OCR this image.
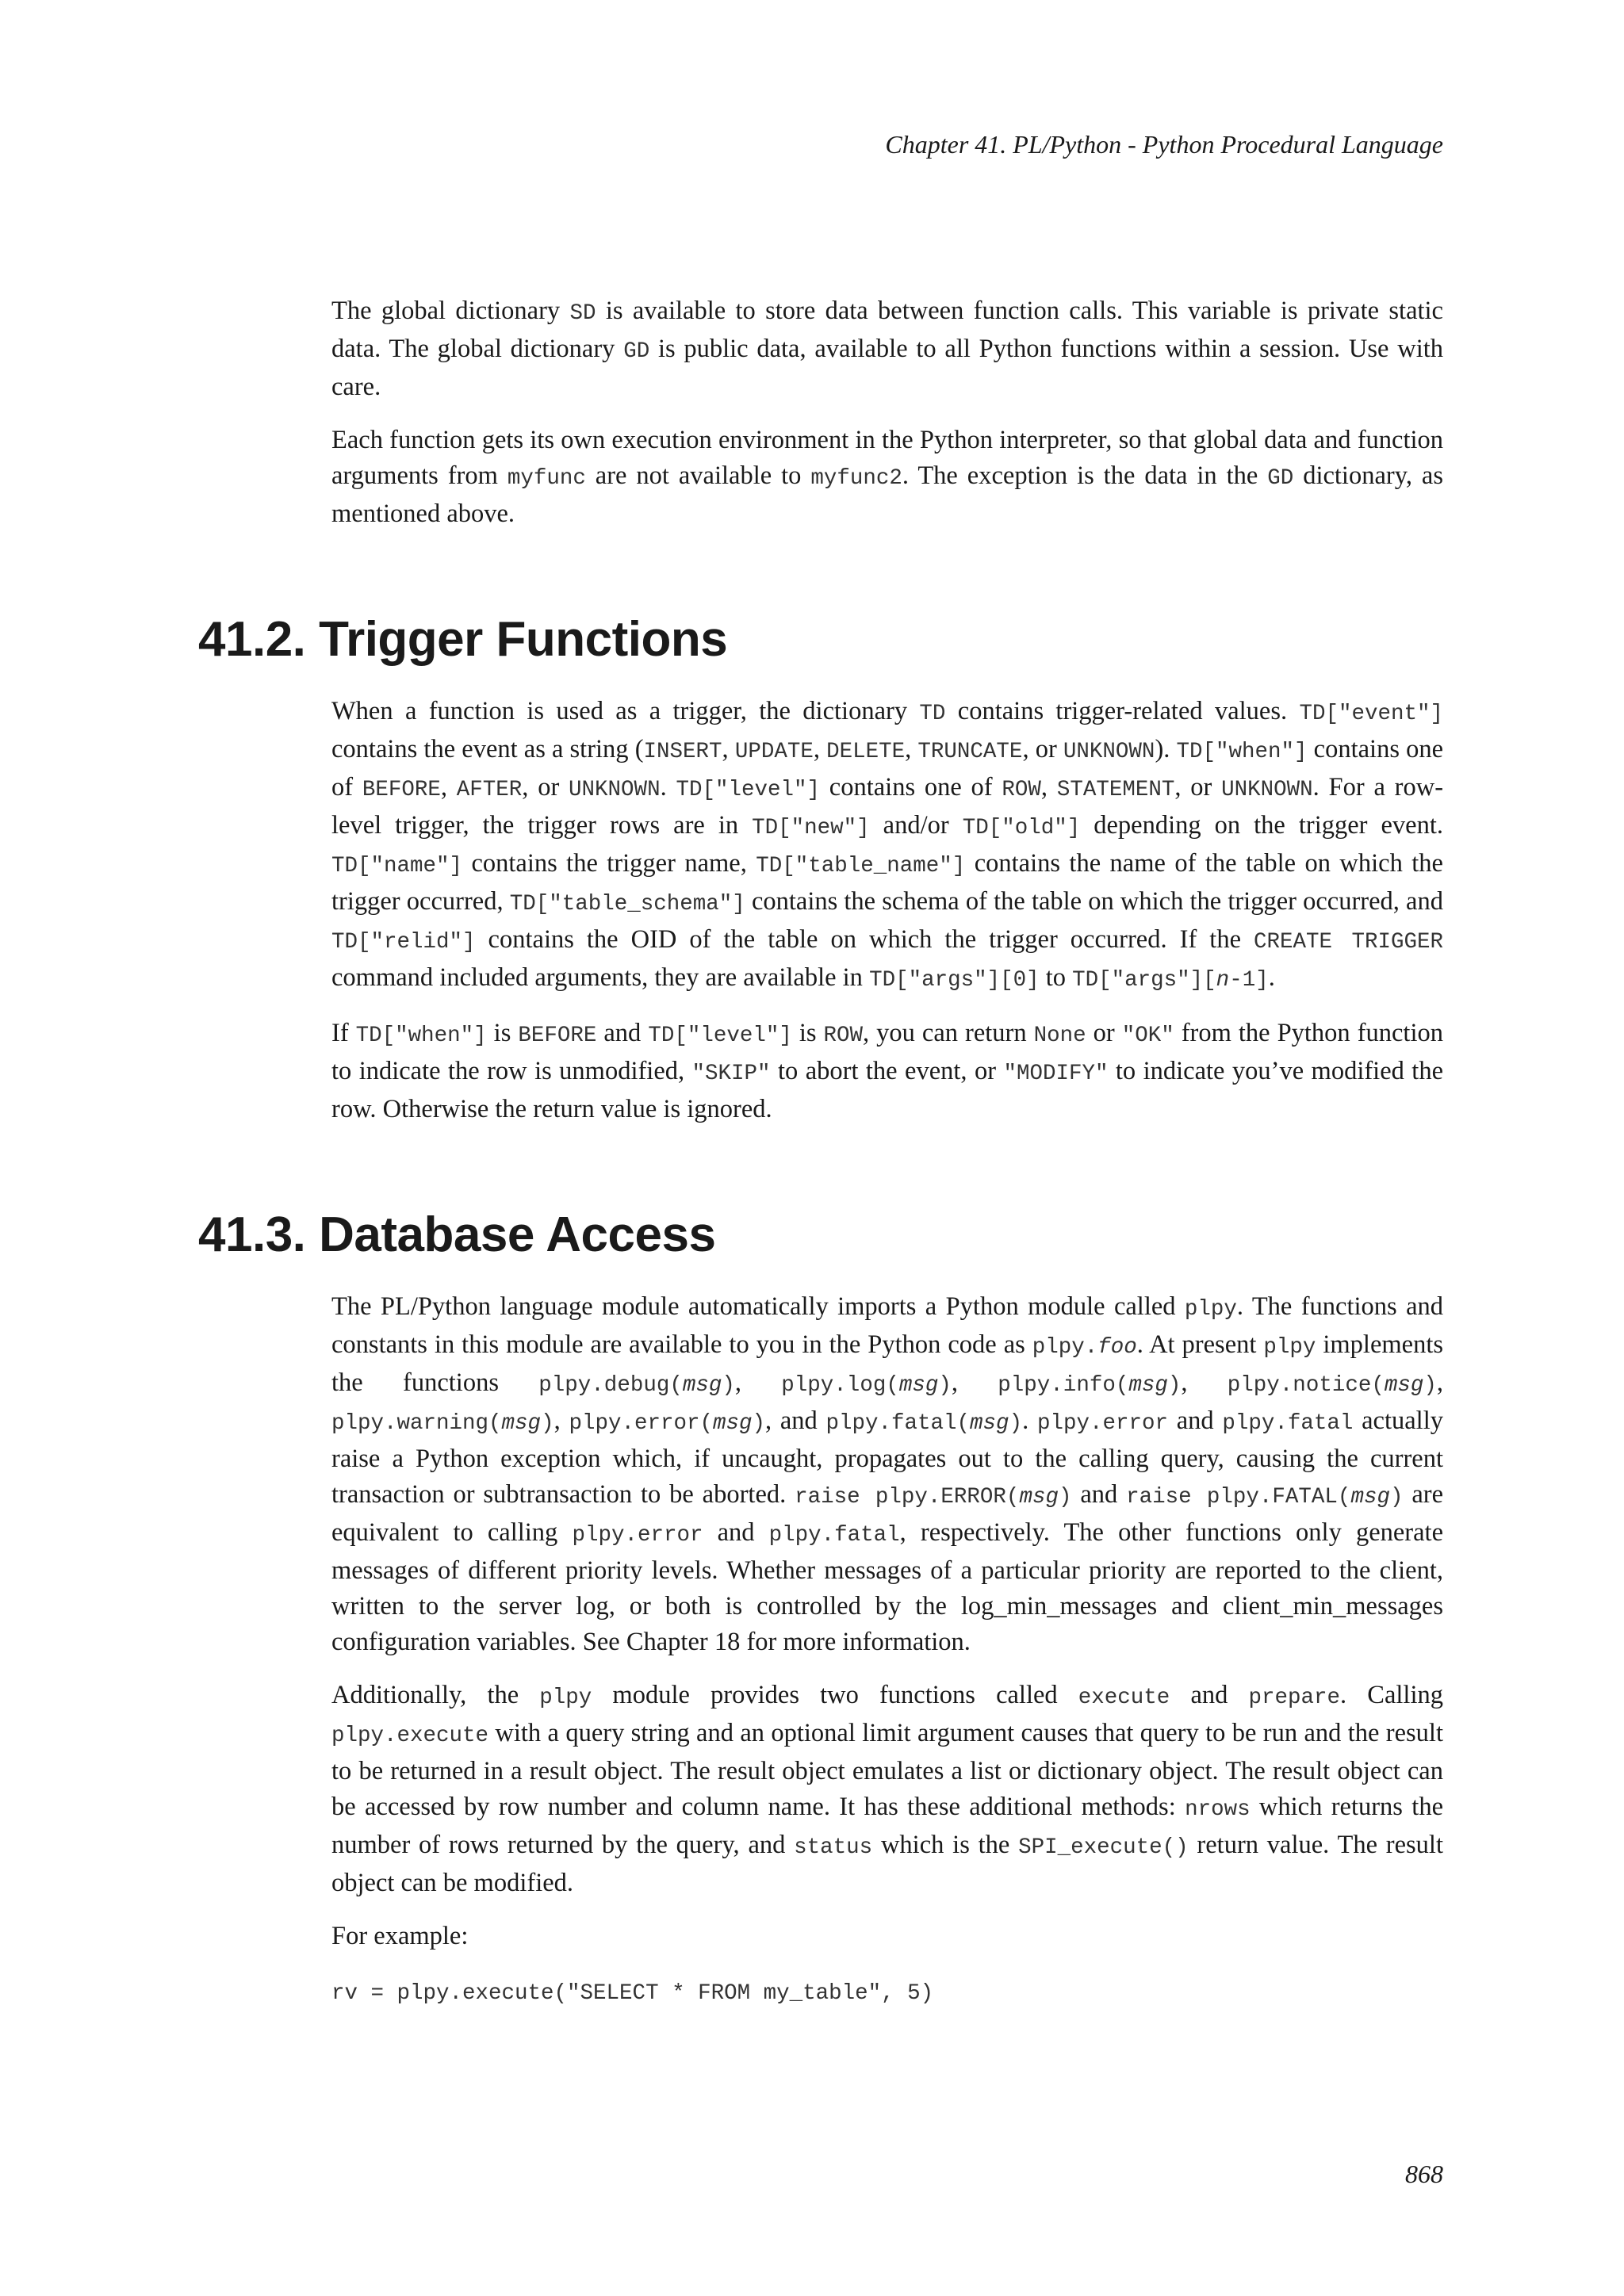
Chapter 41. PL/Python - Python Procedural Language

The global dictionary SD is available to store data between function calls. This variable is private static data. The global dictionary GD is public data, available to all Python functions within a session. Use with care.

Each function gets its own execution environment in the Python interpreter, so that global data and function arguments from myfunc are not available to myfunc2. The exception is the data in the GD dictionary, as mentioned above.

41.2. Trigger Functions

When a function is used as a trigger, the dictionary TD contains trigger-related values. TD["event"] contains the event as a string (INSERT, UPDATE, DELETE, TRUNCATE, or UNKNOWN). TD["when"] contains one of BEFORE, AFTER, or UNKNOWN. TD["level"] contains one of ROW, STATEMENT, or UNKNOWN. For a row-level trigger, the trigger rows are in TD["new"] and/or TD["old"] depending on the trigger event. TD["name"] contains the trigger name, TD["table_name"] contains the name of the table on which the trigger occurred, TD["table_schema"] contains the schema of the table on which the trigger occurred, and TD["relid"] contains the OID of the table on which the trigger occurred. If the CREATE TRIGGER command included arguments, they are available in TD["args"][0] to TD["args"][n-1].

If TD["when"] is BEFORE and TD["level"] is ROW, you can return None or "OK" from the Python function to indicate the row is unmodified, "SKIP" to abort the event, or "MODIFY" to indicate you’ve modified the row. Otherwise the return value is ignored.

41.3. Database Access

The PL/Python language module automatically imports a Python module called plpy. The functions and constants in this module are available to you in the Python code as plpy.foo. At present plpy implements the functions plpy.debug(msg), plpy.log(msg), plpy.info(msg), plpy.notice(msg), plpy.warning(msg), plpy.error(msg), and plpy.fatal(msg). plpy.error and plpy.fatal actually raise a Python exception which, if uncaught, propagates out to the calling query, causing the current transaction or subtransaction to be aborted. raise plpy.ERROR(msg) and raise plpy.FATAL(msg) are equivalent to calling plpy.error and plpy.fatal, respectively. The other functions only generate messages of different priority levels. Whether messages of a particular priority are reported to the client, written to the server log, or both is controlled by the log_min_messages and client_min_messages configuration variables. See Chapter 18 for more information.

Additionally, the plpy module provides two functions called execute and prepare. Calling plpy.execute with a query string and an optional limit argument causes that query to be run and the result to be returned in a result object. The result object emulates a list or dictionary object. The result object can be accessed by row number and column name. It has these additional methods: nrows which returns the number of rows returned by the query, and status which is the SPI_execute() return value. The result object can be modified.

For example:

rv = plpy.execute("SELECT * FROM my_table", 5)
868
